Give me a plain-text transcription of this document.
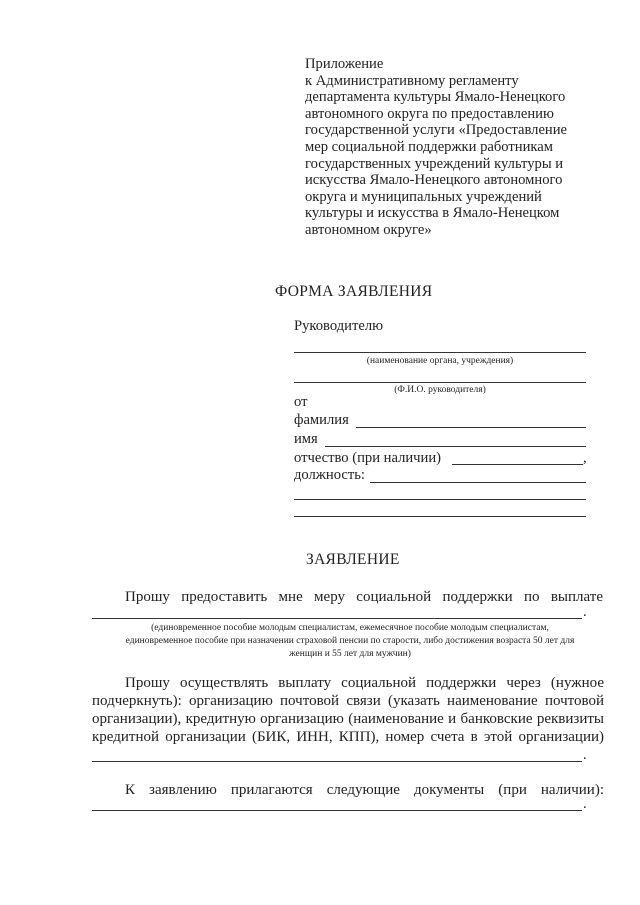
Приложение
к Административному регламенту
департамента культуры Ямало-Ненецкого
автономного округа по предоставлению
государственной услуги «Предоставление
мер социальной поддержки работникам
государственных учреждений культуры и
искусства Ямало-Ненецкого автономного
округа и муниципальных учреждений
культуры и искусства в Ямало-Ненецком
автономном округе»
ФОРМА ЗАЯВЛЕНИЯ
Руководителю
(наименование органа, учреждения)
(Ф.И.О. руководителя)
от
фамилия
имя
отчество (при наличии)	,
должность:
ЗАЯВЛЕНИЕ
Прошу предоставить мне меру социальной поддержки по выплате
.
(единовременное пособие молодым специалистам, ежемесячное пособие молодым специалистам,
единовременное пособие при назначении страховой пенсии по старости, либо достижения возраста 50 лет для
женщин и 55 лет для мужчин)
Прошу осуществлять выплату социальной поддержки через (нужное
подчеркнуть): организацию почтовой связи (указать наименование почтовой
организации), кредитную организацию (наименование и банковские реквизиты
кредитной организации (БИК, ИНН, КПП), номер счета в этой организации)
.
К заявлению прилагаются следующие документы (при наличии):
.
